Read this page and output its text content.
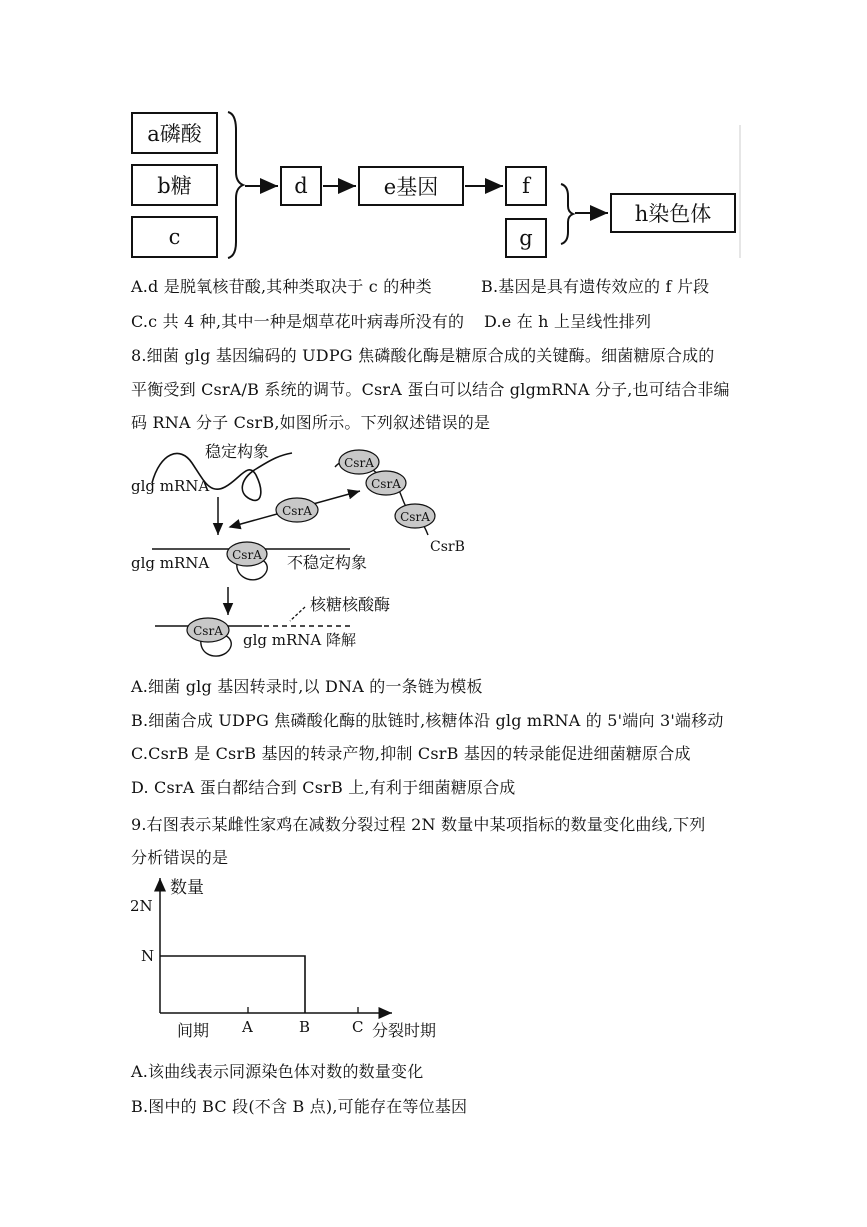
a磷酸
b糖
c
d	e基因	f
g
h染色体
A.d 是脱氧核苷酸,其种类取决于 c 的种类	B.基因是具有遗传效应的 f 片段
C.c 共 4 种,其中一种是烟草花叶病毒所没有的 D.e 在 h 上呈线性排列
8.细菌 glg 基因编码的 UDPG 焦磷酸化酶是糖原合成的关键酶。细菌糖原合成的
平衡受到 CsrA/B 系统的调节。CsrA 蛋白可以结合 glgmRNA 分子,也可结合非编
码 RNA 分子 CsrB,如图所示。下列叙述错误的是
稳定构象
glg mRNA
CsrA
CsrA
CsrA
CsrA
CsrB
CsrA
glg mRNA	不稳定构象
CsrA
核糖核酸酶
glg mRNA 降解
A.细菌 glg 基因转录时,以 DNA 的一条链为模板
B.细菌合成 UDPG 焦磷酸化酶的肽链时,核糖体沿 glg mRNA 的 5'端向 3'端移动
C.CsrB 是 CsrB 基因的转录产物,抑制 CsrB 基因的转录能促进细菌糖原合成
D. CsrA 蛋白都结合到 CsrB 上,有利于细菌糖原合成
9.右图表示某雌性家鸡在减数分裂过程 2N 数量中某项指标的数量变化曲线,下列
分析错误的是
数量
2N
N
间期 A	B	C 分裂时期
A.该曲线表示同源染色体对数的数量变化
B.图中的 BC 段(不含 B 点),可能存在等位基因
